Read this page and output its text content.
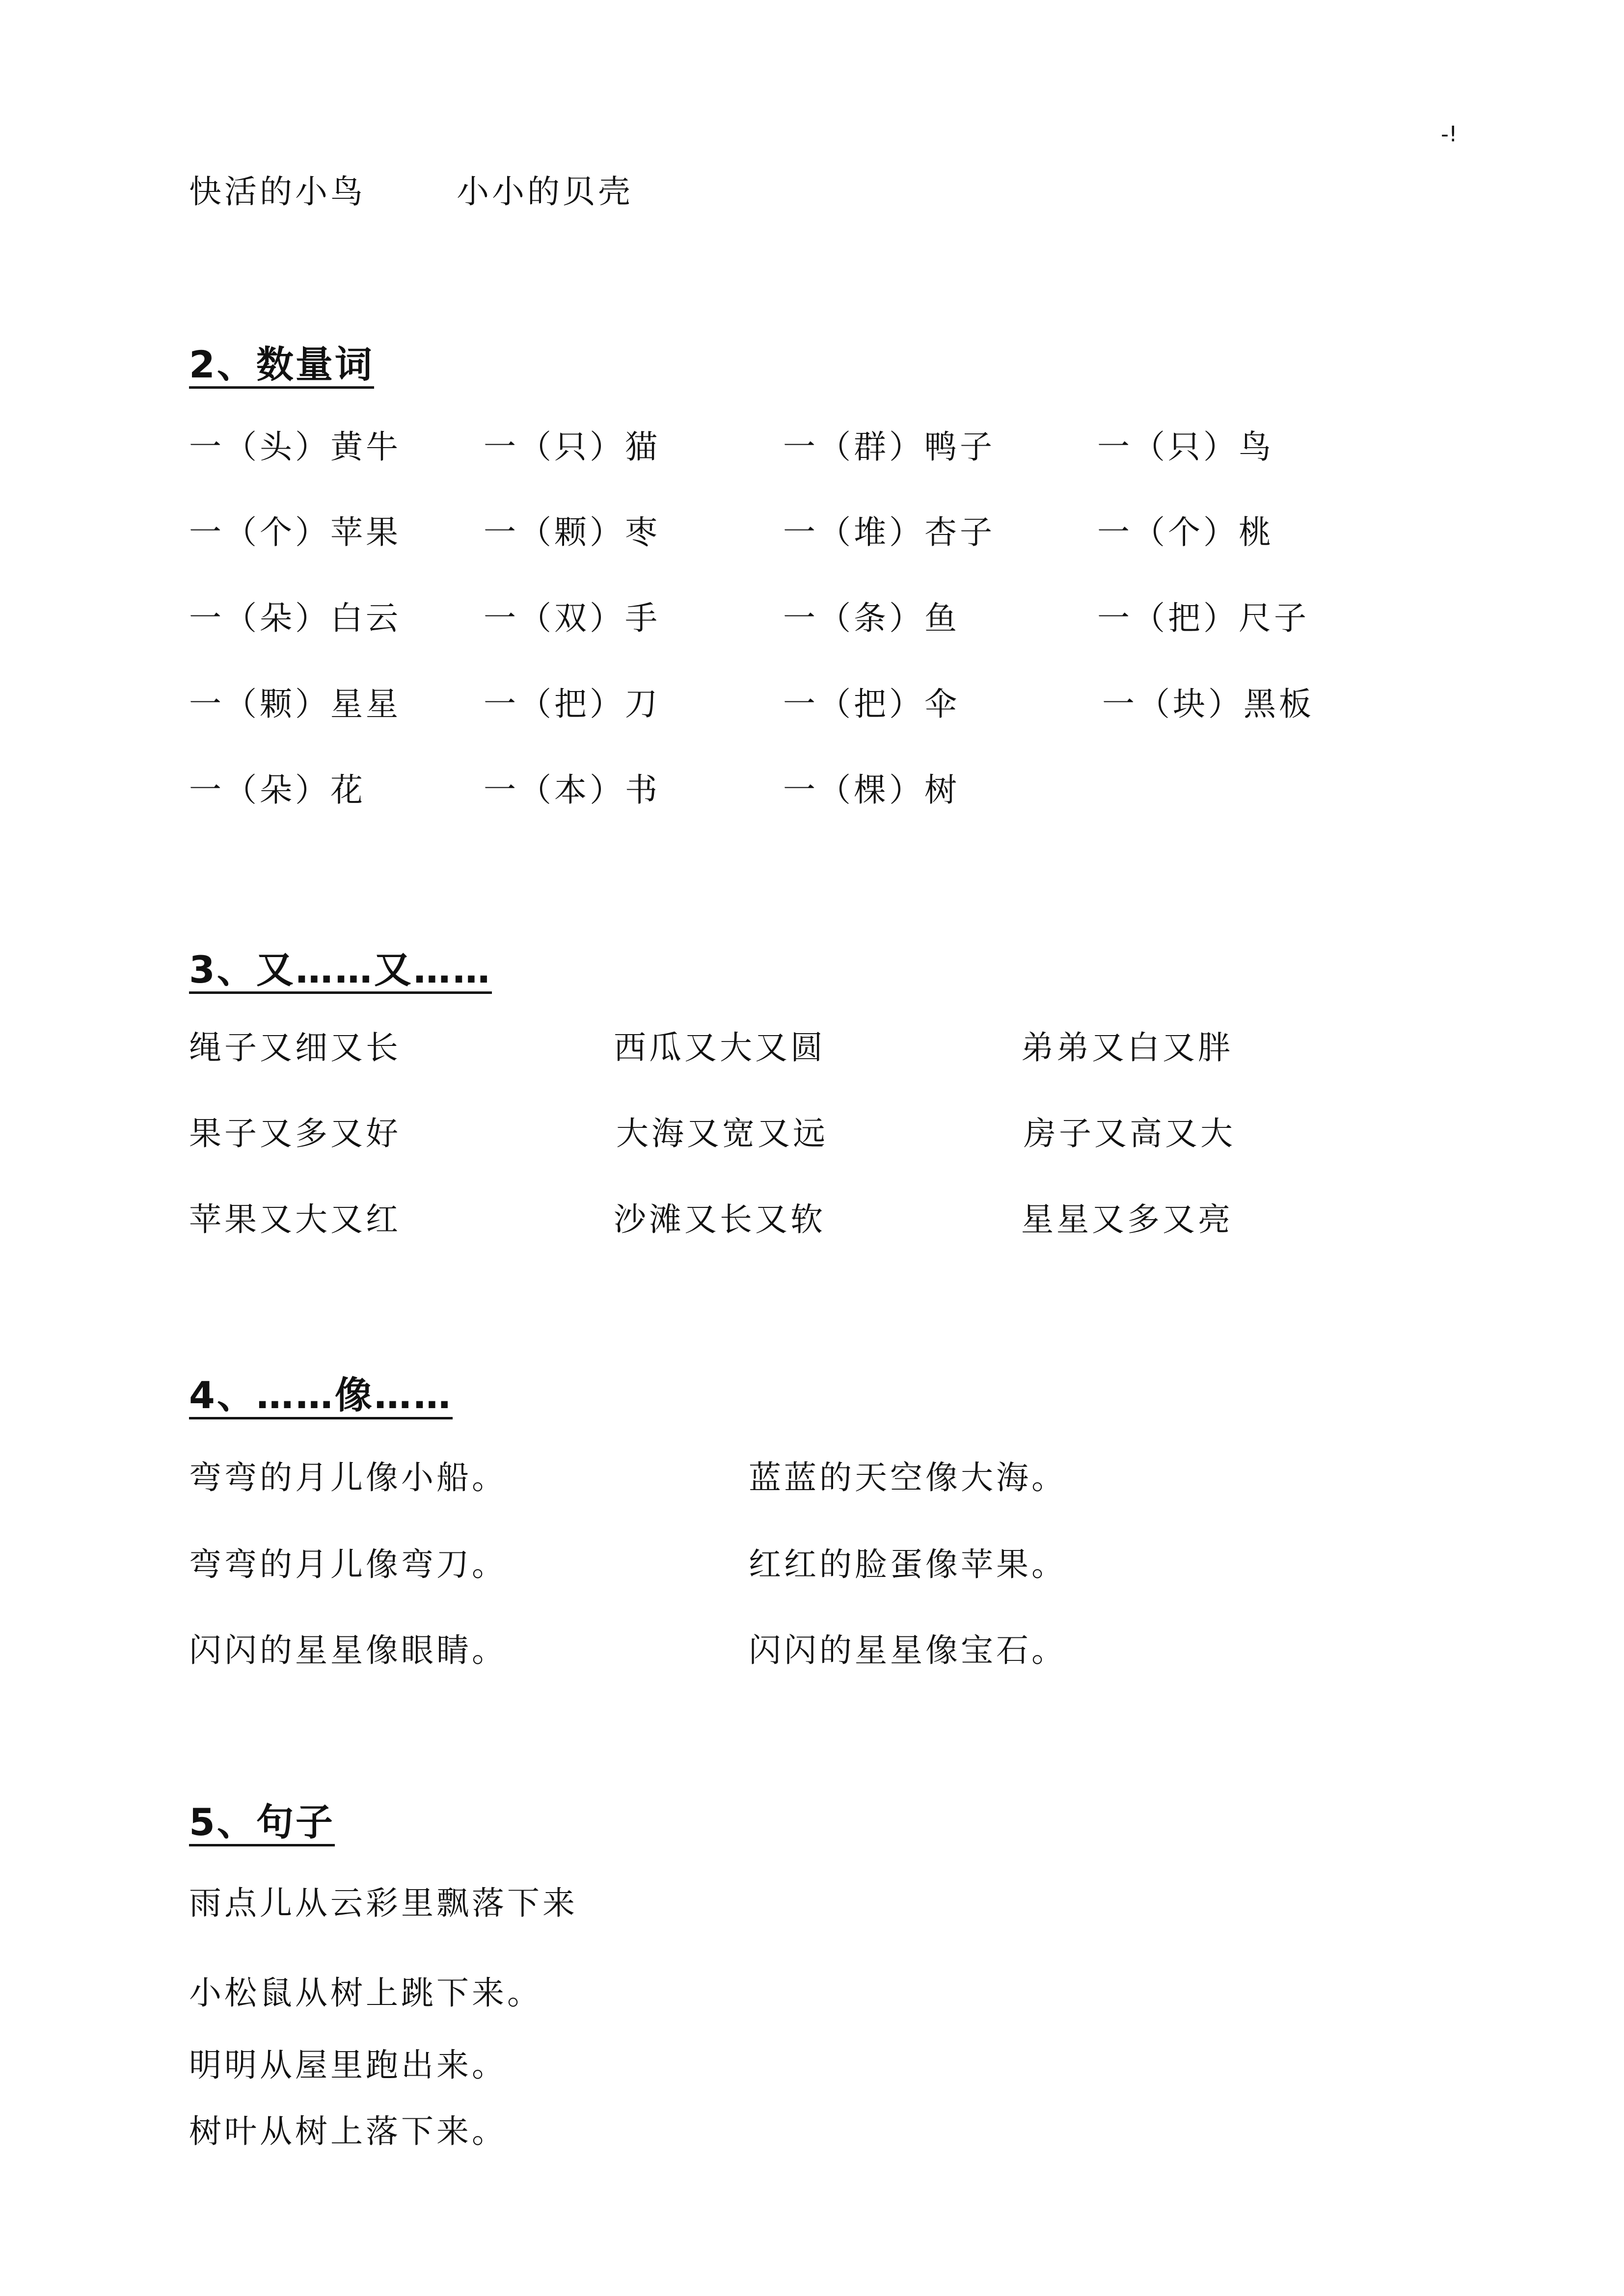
-!
快活的小鸟	小小的贝壳
2、数量词
一（头）黄牛	一（只）猫	一（群）鸭子	一（只）鸟
一（个）苹果	一（颗）枣	一（堆）杏子	一（个）桃
一（朵）白云	一（双）手	一（条）鱼	一（把）尺子
一（颗）星星	一（把）刀	一（把）伞	一（块）黑板
一（朵）花	一（本）书	一（棵）树
3、又……又……
绳子又细又长	西瓜又大又圆	弟弟又白又胖
果子又多又好	大海又宽又远	房子又高又大
苹果又大又红	沙滩又长又软	星星又多又亮
4、……像……
弯弯的月儿像小船。	蓝蓝的天空像大海。
弯弯的月儿像弯刀。	红红的脸蛋像苹果。
闪闪的星星像眼睛。	闪闪的星星像宝石。
5、句子
雨点儿从云彩里飘落下来
小松鼠从树上跳下来。
明明从屋里跑出来。
树叶从树上落下来。
